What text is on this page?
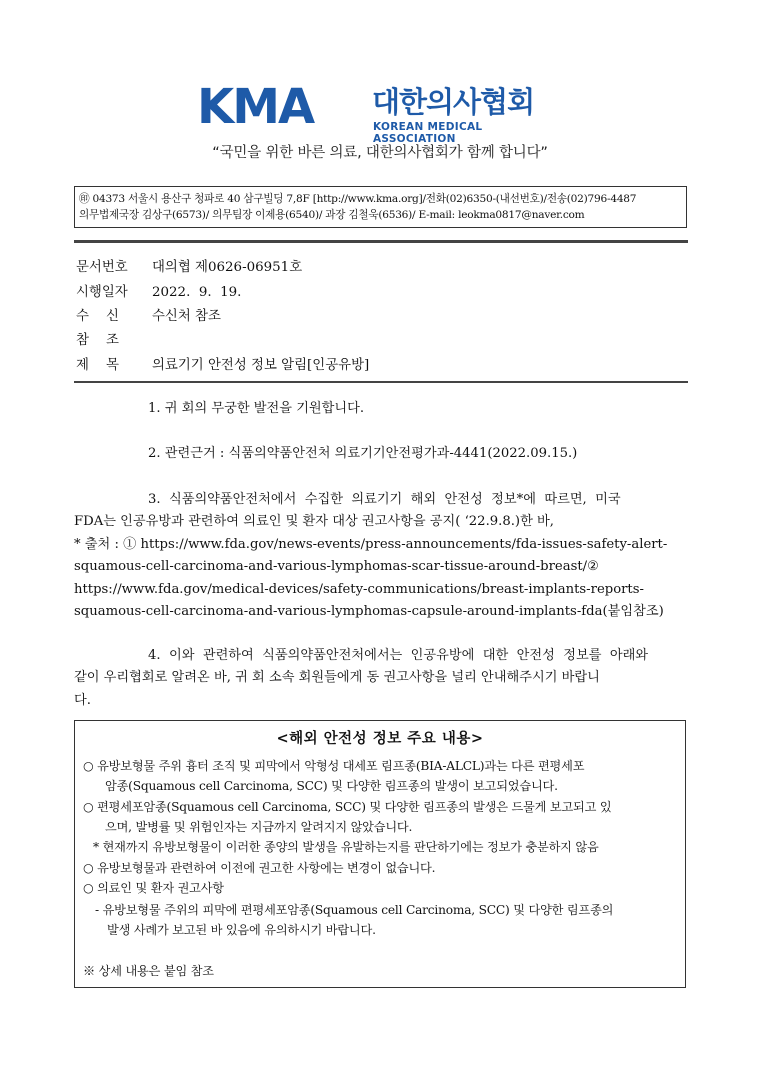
KMA 대한의사협회
KOREAN MEDICAL ASSOCIATION
“국민을 위한 바른 의료, 대한의사협회가 함께 합니다”
㊞ 04373 서울시 용산구 청파로 40 삼구빌딩 7,8F [http://www.kma.org]/전화(02)6350-(내선번호)/전송(02)796-4487
의무법제국장 김상구(6573)/ 의무팀장 이제용(6540)/ 과장 김철욱(6536)/ E-mail: leokma0817@naver.com
문서번호 대의협 제0626-06951호
시행일자 2022.  9.  19.
수    신 수신처 참조
참    조
제    목 의료기기 안전성 정보 알림[인공유방]
1. 귀 회의 무궁한 발전을 기원합니다.
2. 관련근거 : 식품의약품안전처 의료기기안전평가과-4441(2022.09.15.)
3.  식품의약품안전처에서  수집한  의료기기  해외  안전성  정보*에  따르면,  미국
FDA는 인공유방과 관련하여 의료인 및 환자 대상 권고사항을 공지( ‘22.9.8.)한 바,
* 출처 : ① https://www.fda.gov/news-events/press-announcements/fda-issues-safety-alert-
squamous-cell-carcinoma-and-various-lymphomas-scar-tissue-around-breast/②
https://www.fda.gov/medical-devices/safety-communications/breast-implants-reports-
squamous-cell-carcinoma-and-various-lymphomas-capsule-around-implants-fda(붙임참조)
4.  이와  관련하여  식품의약품안전처에서는  인공유방에  대한  안전성  정보를  아래와
같이 우리협회로 알려온 바, 귀 회 소속 회원들에게 동 권고사항을 널리 안내해주시기 바랍니
다.
<해외 안전성 정보 주요 내용>
○ 유방보형물 주위 흉터 조직 및 피막에서 악형성 대세포 림프종(BIA-ALCL)과는 다른 편평세포
암종(Squamous cell Carcinoma, SCC) 및 다양한 림프종의 발생이 보고되었습니다.
○ 편평세포암종(Squamous cell Carcinoma, SCC) 및 다양한 림프종의 발생은 드물게 보고되고 있
으며, 발병률 및 위험인자는 지금까지 알려지지 않았습니다.
* 현재까지 유방보형물이 이러한 종양의 발생을 유발하는지를 판단하기에는 정보가 충분하지 않음
○ 유방보형물과 관련하여 이전에 권고한 사항에는 변경이 없습니다.
○ 의료인 및 환자 권고사항
- 유방보형물 주위의 피막에 편평세포암종(Squamous cell Carcinoma, SCC) 및 다양한 림프종의
발생 사례가 보고된 바 있음에 유의하시기 바랍니다.
※ 상세 내용은 붙임 참조
